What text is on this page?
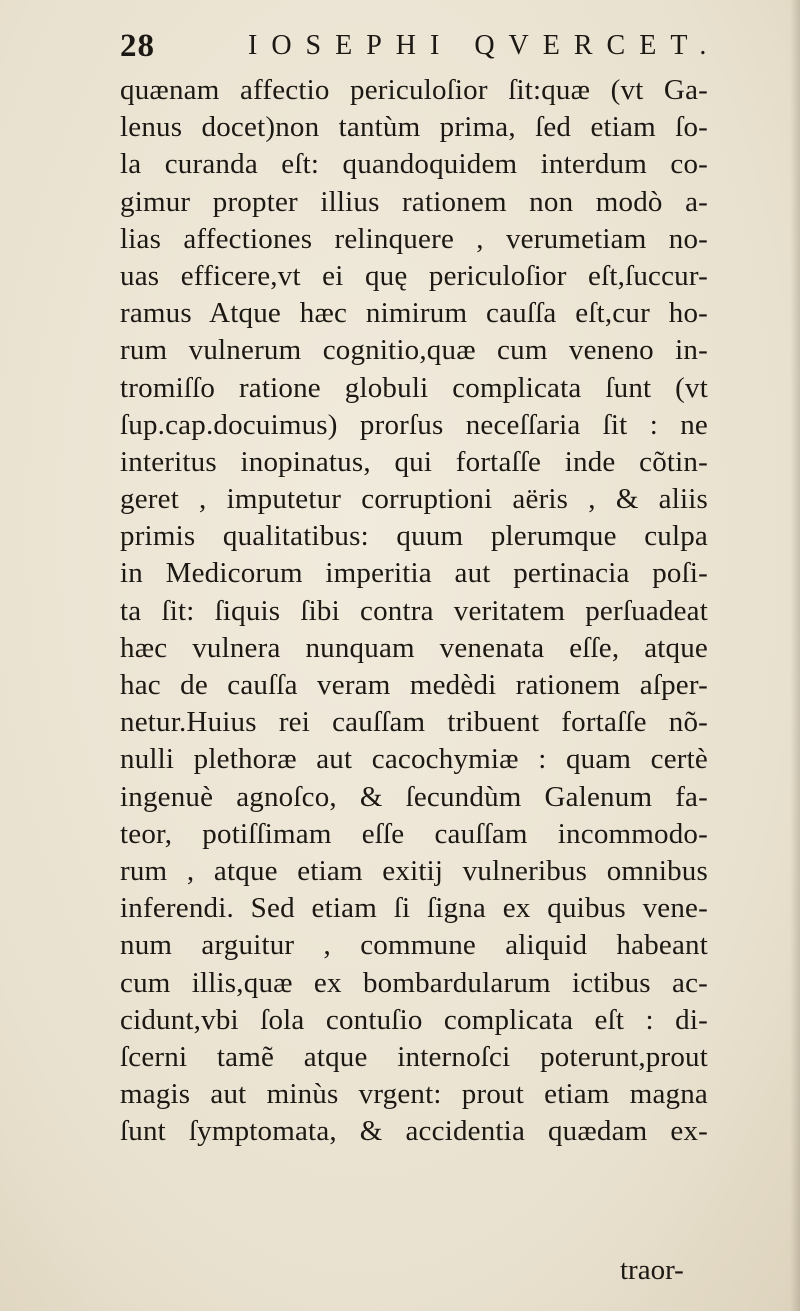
28	IOSEPHI QVERCET.
quænam affectio periculoſior ſit:quæ (vt Ga-
lenus docet)non tantùm prima, ſed etiam ſo-
la curanda eſt: quandoquidem interdum co-
gimur propter illius rationem non modò a-
lias affectiones relinquere , verumetiam no-
uas efficere,vt ei quę periculoſior eſt,ſuccur-
ramus Atque hæc nimirum cauſſa eſt,cur ho-
rum vulnerum cognitio,quæ cum veneno in-
tromiſſo ratione globuli complicata ſunt (vt
ſup.cap.docuimus) prorſus neceſſaria ſit : ne
interitus inopinatus, qui fortaſſe inde cõtin-
geret , imputetur corruptioni aëris , & aliis
primis qualitatibus: quum plerumque culpa
in Medicorum imperitia aut pertinacia poſi-
ta ſit: ſiquis ſibi contra veritatem perſuadeat
hæc vulnera nunquam venenata eſſe, atque
hac de cauſſa veram medèdi rationem aſper-
netur.Huius rei cauſſam tribuent fortaſſe nõ-
nulli plethoræ aut cacochymiæ : quam certè
ingenuè agnoſco, & ſecundùm Galenum fa-
teor, potiſſimam eſſe cauſſam incommodo-
rum , atque etiam exitij vulneribus omnibus
inferendi. Sed etiam ſi ſigna ex quibus vene-
num arguitur , commune aliquid habeant
cum illis,quæ ex bombardularum ictibus ac-
cidunt,vbi ſola contuſio complicata eſt : di-
ſcerni tamẽ atque internoſci poterunt,prout
magis aut minùs vrgent: prout etiam magna
ſunt ſymptomata, & accidentia quædam ex-
traor-
